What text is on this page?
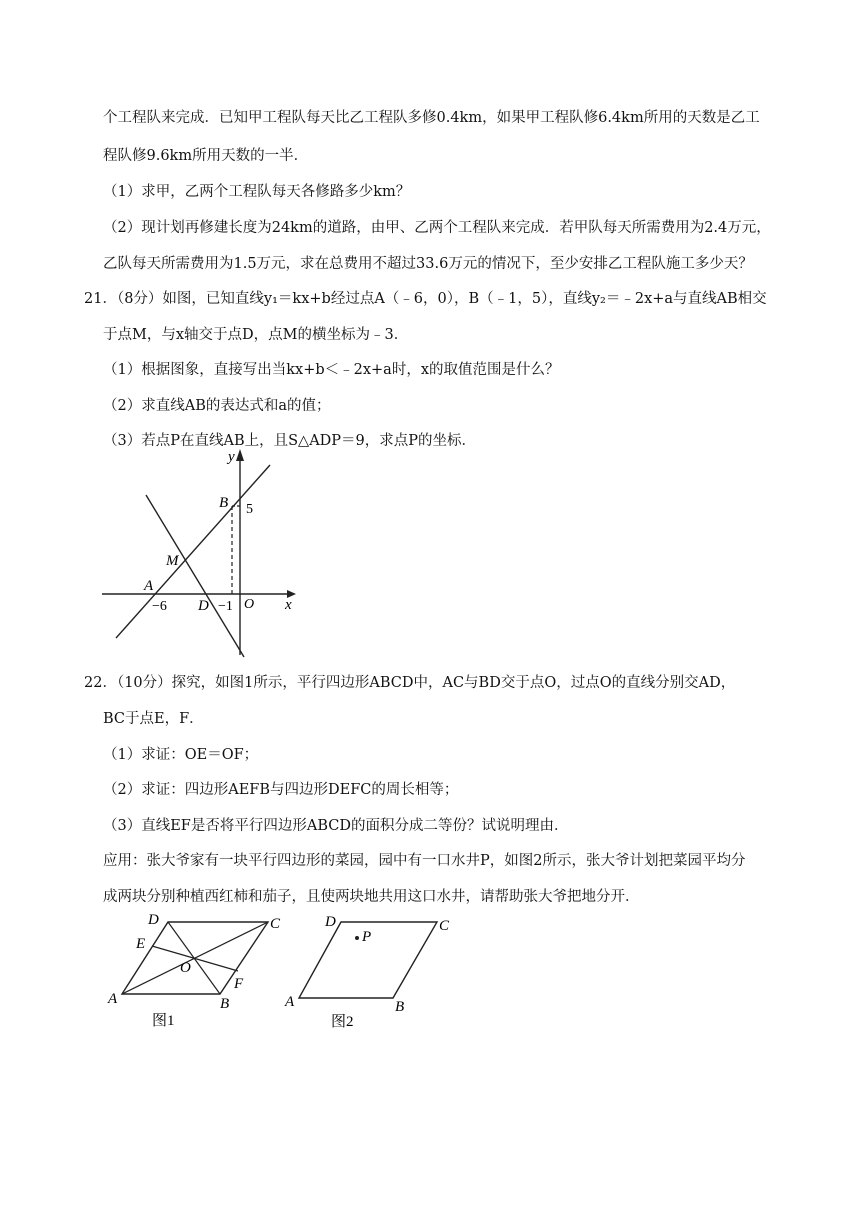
个工程队来完成．已知甲工程队每天比乙工程队多修0.4km，如果甲工程队修6.4km所用的天数是乙工
程队修9.6km所用天数的一半．
（1）求甲，乙两个工程队每天各修路多少km？
（2）现计划再修建长度为24km的道路，由甲、乙两个工程队来完成．若甲队每天所需费用为2.4万元，
乙队每天所需费用为1.5万元，求在总费用不超过33.6万元的情况下，至少安排乙工程队施工多少天？
21．（8分）如图，已知直线y₁＝kx+b经过点A（﹣6，0），B（﹣1，5），直线y₂＝﹣2x+a与直线AB相交
于点M，与x轴交于点D，点M的横坐标为﹣3．
（1）根据图象，直接写出当kx+b＜﹣2x+a时，x的取值范围是什么？
（2）求直线AB的表达式和a的值；
（3）若点P在直线AB上，且S△ADP＝9，求点P的坐标．
y
x
O
B 5
M
A
−6 D −1
22．（10分）探究，如图1所示，平行四边形ABCD中，AC与BD交于点O，过点O的直线分别交AD，
BC于点E，F．
（1）求证：OE＝OF；
（2）求证：四边形AEFB与四边形DEFC的周长相等；
（3）直线EF是否将平行四边形ABCD的面积分成二等份？试说明理由．
应用：张大爷家有一块平行四边形的菜园，园中有一口水井P，如图2所示，张大爷计划把菜园平均分
成两块分别种植西红柿和茄子，且使两块地共用这口水井，请帮助张大爷把地分开．
D	C
E
O
F
A	B
图1
D	C
P
A	B
图2
